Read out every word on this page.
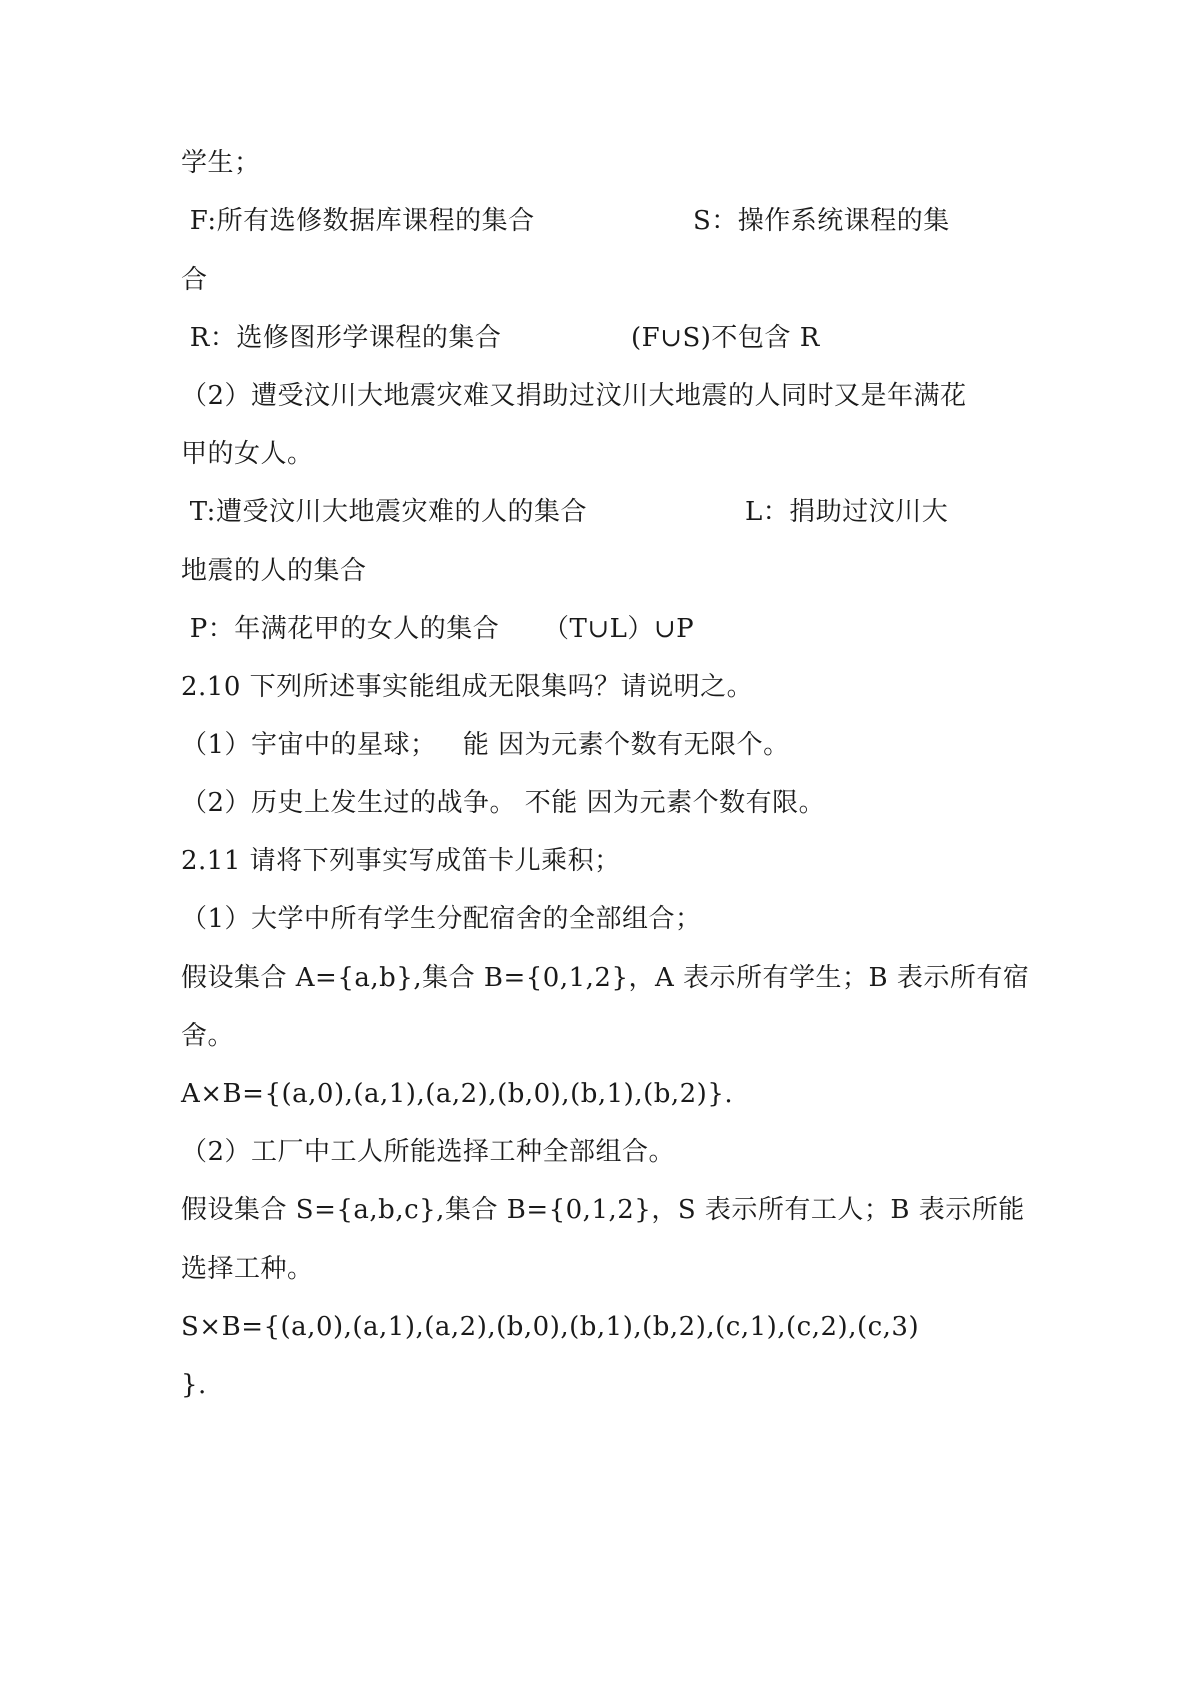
学生；

F:所有选修数据库课程的集合

	S：操作系统课程的集

合

R：选修图形学课程的集合

	(F∪S)不包含 R

（2）遭受汶川大地震灾难又捐助过汶川大地震的人同时又是年满花
甲的女人。

T:遭受汶川大地震灾难的人的集合

	L：捐助过汶川大

地震的人的集合

P：年满花甲的女人的集合

（T∪L）∪P

2.10 下列所述事实能组成无限集吗？请说明之。
（1）宇宙中的星球；   能 因为元素个数有无限个。
（2）历史上发生过的战争。 不能 因为元素个数有限。
2.11 请将下列事实写成笛卡儿乘积；
（1）大学中所有学生分配宿舍的全部组合；
假设集合 A={a,b},集合 B={0,1,2}，A 表示所有学生；B 表示所有宿
舍。
A×B={(a,0),(a,1),(a,2),(b,0),(b,1),(b,2)}.
（2）工厂中工人所能选择工种全部组合。
假设集合 S={a,b,c},集合 B={0,1,2}，S 表示所有工人；B 表示所能
选择工种。
S×B={(a,0),(a,1),(a,2),(b,0),(b,1),(b,2),(c,1),(c,2),(c,3)
}.
